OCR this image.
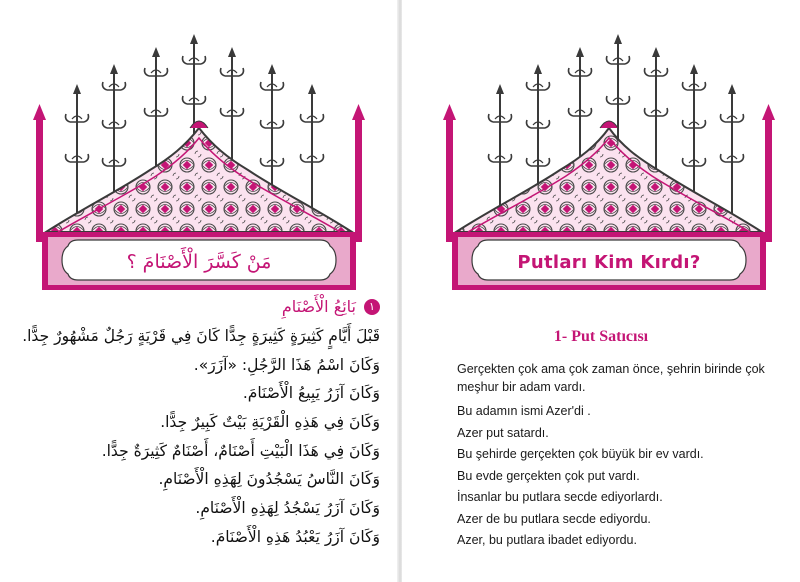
مَنْ كَسَّرَ الْأَصْنَامَ ؟
١
بَائِعُ الْأَصْنَامِ
قَبْلَ أَيَّامٍ كَثِيرَةٍ كَثِيرَةٍ جِدًّا كَانَ فِي قَرْيَةٍ رَجُلٌ مَشْهُورٌ جِدًّا.
وَكَانَ اسْمُ هَذَا الرَّجُلِ: «آزَرَ».
وَكَانَ آزَرُ يَبِيعُ الْأَصْنَامَ.
وَكَانَ فِي هَذِهِ الْقَرْيَةِ بَيْتٌ كَبِيرٌ جِدًّا.
وَكَانَ فِي هَذَا الْبَيْتِ أَصْنَامٌ، أَصْنَامٌ كَثِيرَةٌ جِدًّا.
وَكَانَ النَّاسُ يَسْجُدُونَ لِهَذِهِ الْأَصْنَامِ.
وَكَانَ آزَرُ يَسْجُدُ لِهَذِهِ الْأَصْنَامِ.
وَكَانَ آزَرُ يَعْبُدُ هَذِهِ الْأَصْنَامَ.
Putları Kim Kırdı?
1- Put Satıcısı
Gerçekten çok ama çok zaman önce, şehrin birinde çok meşhur bir adam vardı.
Bu adamın ismi Azer'di .
Azer put satardı.
Bu şehirde gerçekten çok büyük bir ev vardı.
Bu evde gerçekten çok put vardı.
İnsanlar bu putlara secde ediyorlardı.
Azer de bu putlara secde ediyordu.
Azer, bu putlara ibadet ediyordu.
